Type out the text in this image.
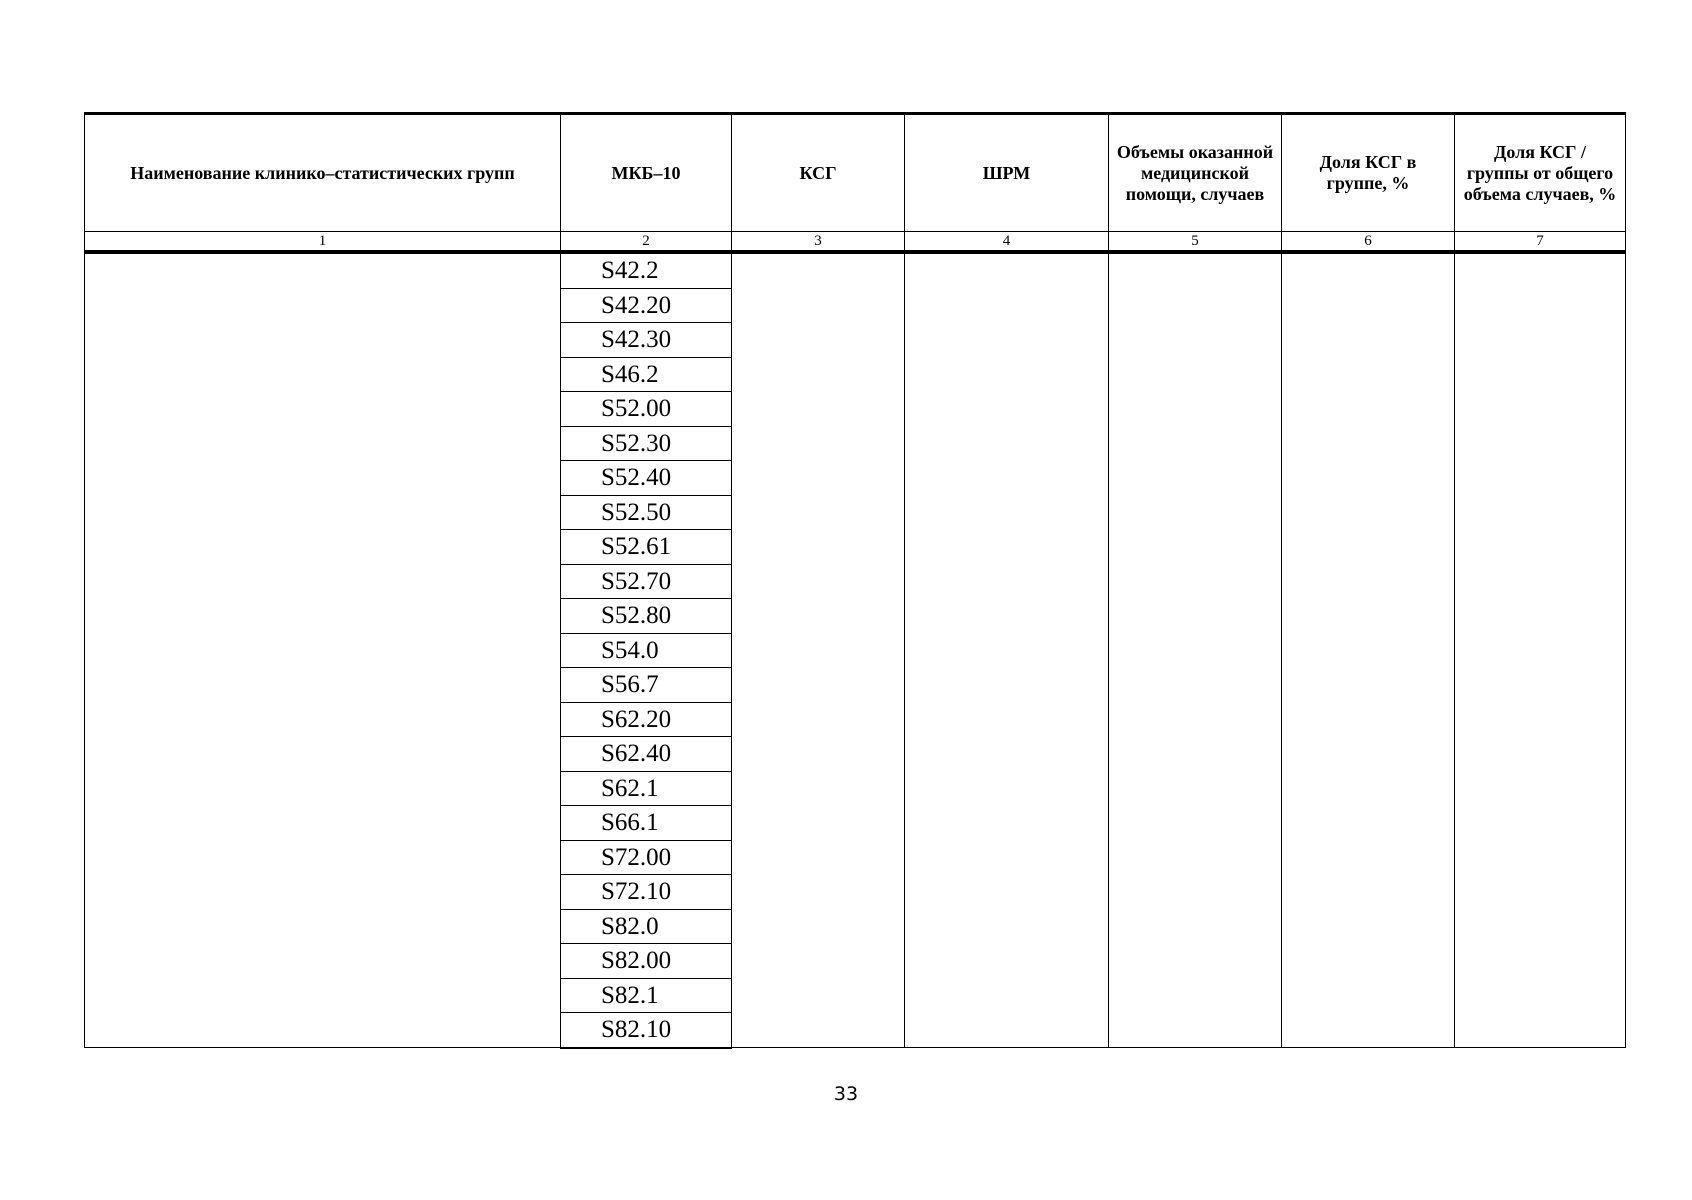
Наименование клинико–статистических групп	МКБ–10	КСГ	ШРМ	Объемы оказанной медицинской помощи, случаев	Доля КСГ в группе, %	Доля КСГ / группы от общего объема случаев, %
1	2	3	4	5	6	7
	S42.2					
	S42.20					
	S42.30					
	S46.2					
	S52.00					
	S52.30					
	S52.40					
	S52.50					
	S52.61					
	S52.70					
	S52.80					
	S54.0					
	S56.7					
	S62.20					
	S62.40					
	S62.1					
	S66.1					
	S72.00					
	S72.10					
	S82.0					
	S82.00					
	S82.1					
	S82.10					
33
